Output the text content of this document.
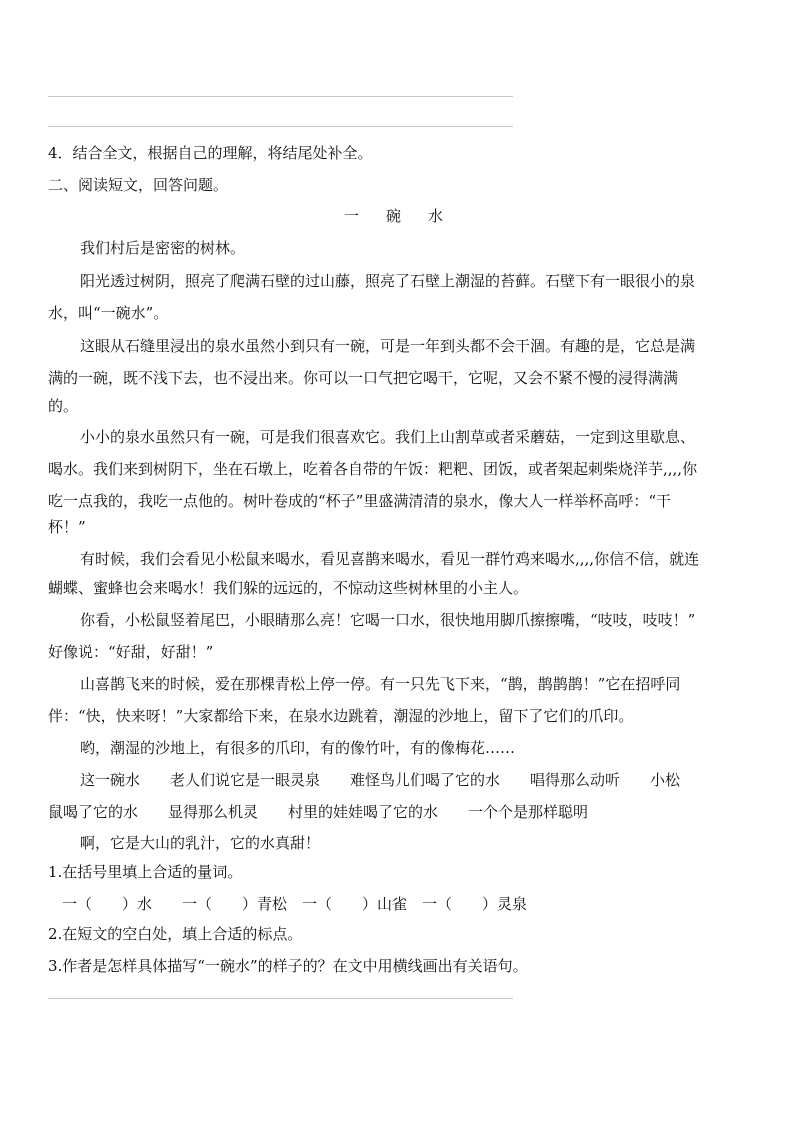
4．结合全文，根据自己的理解，将结尾处补全。
二、阅读短文，回答问题。
一　碗　水
我们村后是密密的树林。
阳光透过树阴，照亮了爬满石壁的过山藤，照亮了石壁上潮湿的苔藓。石壁下有一眼很小的泉
水，叫“一碗水”。
这眼从石缝里浸出的泉水虽然小到只有一碗，可是一年到头都不会干涸。有趣的是，它总是满
满的一碗，既不浅下去，也不浸出来。你可以一口气把它喝干，它呢，又会不紧不慢的浸得满满
的。
小小的泉水虽然只有一碗，可是我们很喜欢它。我们上山割草或者采蘑菇，一定到这里歇息、
喝水。我们来到树阴下，坐在石墩上，吃着各自带的午饭：粑粑、团饭，或者架起刺柴烧洋芋,,,,你
吃一点我的，我吃一点他的。树叶卷成的“杯子”里盛满清清的泉水，像大人一样举杯高呼：“干
杯！”
有时候，我们会看见小松鼠来喝水，看见喜鹊来喝水，看见一群竹鸡来喝水,,,,你信不信，就连
蝴蝶、蜜蜂也会来喝水！我们躲的远远的，不惊动这些树林里的小主人。
你看，小松鼠竖着尾巴，小眼睛那么亮！它喝一口水，很快地用脚爪擦擦嘴，“吱吱，吱吱！”
好像说：“好甜，好甜！”
山喜鹊飞来的时候，爱在那棵青松上停一停。有一只先飞下来，“鹊，鹊鹊鹊！”它在招呼同
伴：“快，快来呀！”大家都给下来，在泉水边跳着，潮湿的沙地上，留下了它们的爪印。
哟，潮湿的沙地上，有很多的爪印，有的像竹叶，有的像梅花……
这一碗水　　老人们说它是一眼灵泉　　难怪鸟儿们喝了它的水　　唱得那么动听　　小松
鼠喝了它的水　　显得那么机灵　　村里的娃娃喝了它的水　　一个个是那样聪明
啊，它是大山的乳汁，它的水真甜！
1.在括号里填上合适的量词。
一（　　）水　　一（　　）青松　一（　　）山雀　一（　　）灵泉
2.在短文的空白处，填上合适的标点。
3.作者是怎样具体描写“一碗水”的样子的？在文中用横线画出有关语句。
